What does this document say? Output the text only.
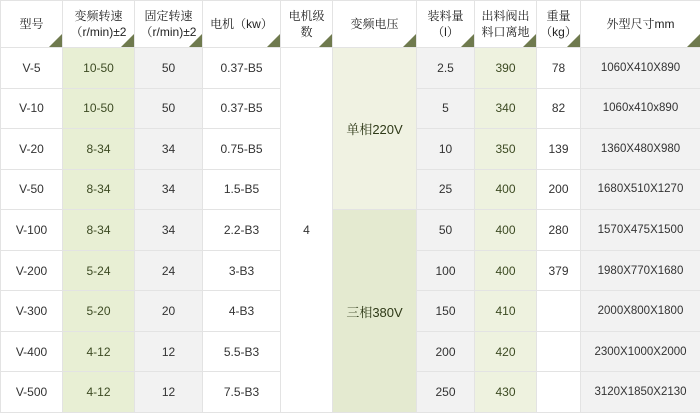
型号	变频转速（r/min)±2	固定转速（r/min)±2	电机（kw）	电机级数	变频电压	装料量（l）	出料阀出料口离地	重量（kg）	外型尺寸mm

V-5	10-50	50	0.37-B5	4	单相220V	2.5	390	78	1060X410X890
V-10	10-50	50	0.37-B5			5	340	82	1060x410x890
V-20	8-34	34	0.75-B5			10	350	139	1360X480X980
V-50	8-34	34	1.5-B5			25	400	200	1680X510X1270
V-100	8-34	34	2.2-B3		三相380V	50	400	280	1570X475X1500
V-200	5-24	24	3-B3			100	400	379	1980X770X1680
V-300	5-20	20	4-B3			150	410		2000X800X1800
V-400	4-12	12	5.5-B3			200	420		2300X1000X2000
V-500	4-12	12	7.5-B3			250	430		3120X1850X2130
